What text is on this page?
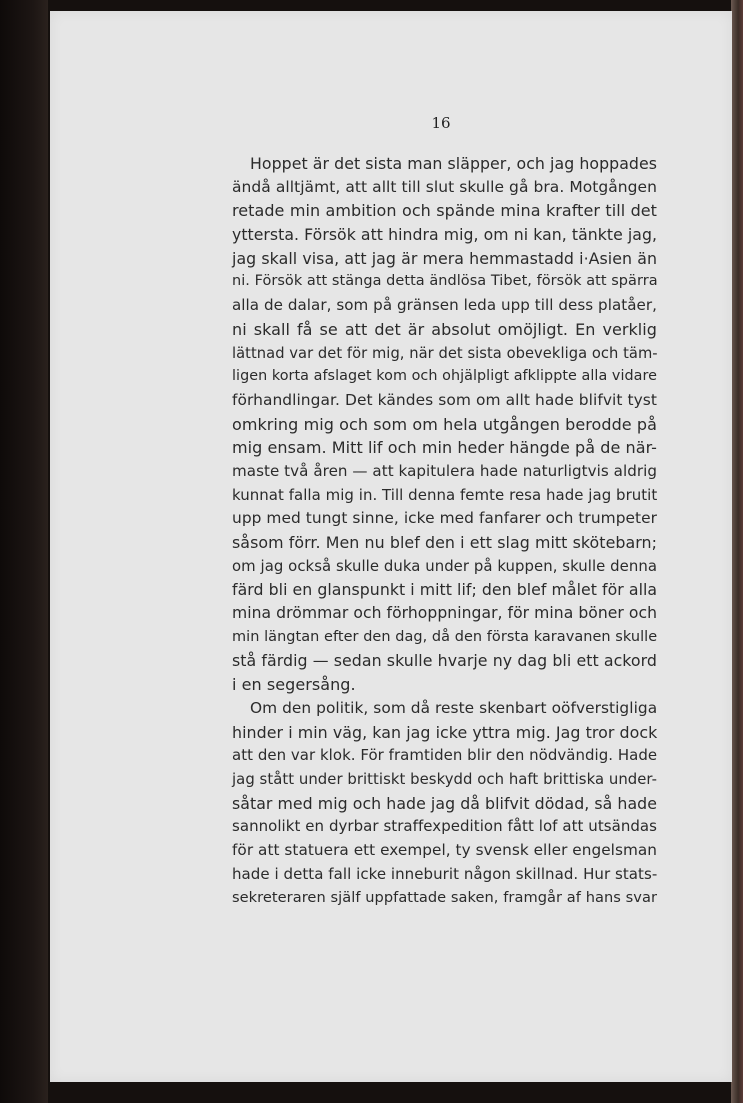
16
Hoppet är det sista man släpper, och jag hoppades
ändå alltjämt, att allt till slut skulle gå bra. Motgången
retade min ambition och spände mina krafter till det
yttersta. Försök att hindra mig, om ni kan, tänkte jag,
jag skall visa, att jag är mera hemmastadd i·Asien än
ni. Försök att stänga detta ändlösa Tibet, försök att spärra
alla de dalar, som på gränsen leda upp till dess platåer,
ni skall få se att det är absolut omöjligt. En verklig
lättnad var det för mig, när det sista obevekliga och täm-
ligen korta afslaget kom och ohjälpligt afklippte alla vidare
förhandlingar. Det kändes som om allt hade blifvit tyst
omkring mig och som om hela utgången berodde på
mig ensam. Mitt lif och min heder hängde på de när-
maste två åren — att kapitulera hade naturligtvis aldrig
kunnat falla mig in. Till denna femte resa hade jag brutit
upp med tungt sinne, icke med fanfarer och trumpeter
såsom förr. Men nu blef den i ett slag mitt skötebarn;
om jag också skulle duka under på kuppen, skulle denna
färd bli en glanspunkt i mitt lif; den blef målet för alla
mina drömmar och förhoppningar, för mina böner och
min längtan efter den dag, då den första karavanen skulle
stå färdig — sedan skulle hvarje ny dag bli ett ackord
i en segersång.
Om den politik, som då reste skenbart oöfverstigliga
hinder i min väg, kan jag icke yttra mig. Jag tror dock
att den var klok. För framtiden blir den nödvändig. Hade
jag stått under brittiskt beskydd och haft brittiska under-
såtar med mig och hade jag då blifvit dödad, så hade
sannolikt en dyrbar straffexpedition fått lof att utsändas
för att statuera ett exempel, ty svensk eller engelsman
hade i detta fall icke inneburit någon skillnad. Hur stats-
sekreteraren själf uppfattade saken, framgår af hans svar
